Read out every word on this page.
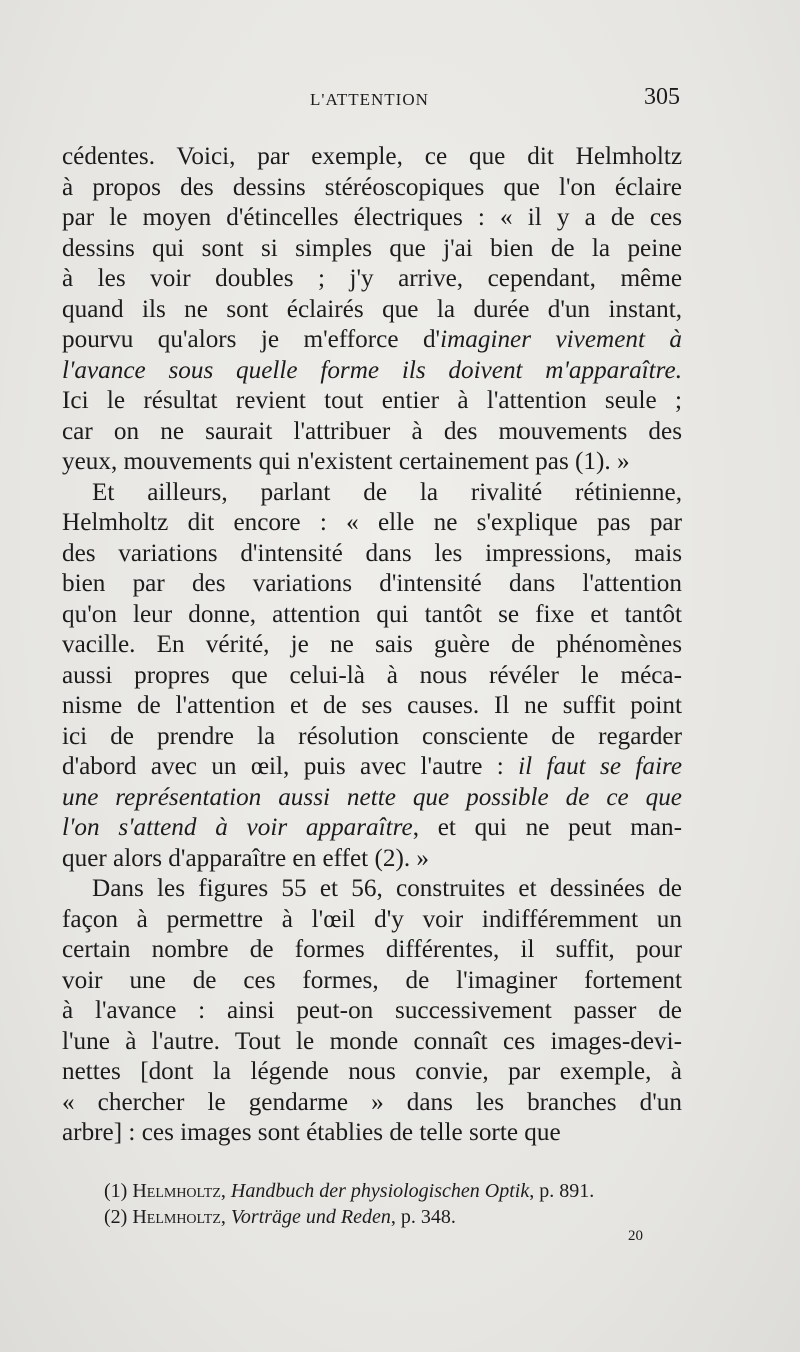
L'ATTENTION	305
cédentes. Voici, par exemple, ce que dit Helmholtz
à propos des dessins stéréoscopiques que l'on éclaire
par le moyen d'étincelles électriques : « il y a de ces
dessins qui sont si simples que j'ai bien de la peine
à les voir doubles ; j'y arrive, cependant, même
quand ils ne sont éclairés que la durée d'un instant,
pourvu qu'alors je m'efforce d'imaginer vivement à
l'avance sous quelle forme ils doivent m'apparaître.
Ici le résultat revient tout entier à l'attention seule ;
car on ne saurait l'attribuer à des mouvements des
yeux, mouvements qui n'existent certainement pas (1). »
Et ailleurs, parlant de la rivalité rétinienne,
Helmholtz dit encore : « elle ne s'explique pas par
des variations d'intensité dans les impressions, mais
bien par des variations d'intensité dans l'attention
qu'on leur donne, attention qui tantôt se fixe et tantôt
vacille. En vérité, je ne sais guère de phénomènes
aussi propres que celui-là à nous révéler le méca-
nisme de l'attention et de ses causes. Il ne suffit point
ici de prendre la résolution consciente de regarder
d'abord avec un œil, puis avec l'autre : il faut se faire
une représentation aussi nette que possible de ce que
l'on s'attend à voir apparaître, et qui ne peut man-
quer alors d'apparaître en effet (2). »
Dans les figures 55 et 56, construites et dessinées de
façon à permettre à l'œil d'y voir indifféremment un
certain nombre de formes différentes, il suffit, pour
voir une de ces formes, de l'imaginer fortement
à l'avance : ainsi peut-on successivement passer de
l'une à l'autre. Tout le monde connaît ces images-devi-
nettes [dont la légende nous convie, par exemple, à
« chercher le gendarme » dans les branches d'un
arbre] : ces images sont établies de telle sorte que
(1) Helmholtz, Handbuch der physiologischen Optik, p. 891.
(2) Helmholtz, Vorträge und Reden, p. 348.
20
